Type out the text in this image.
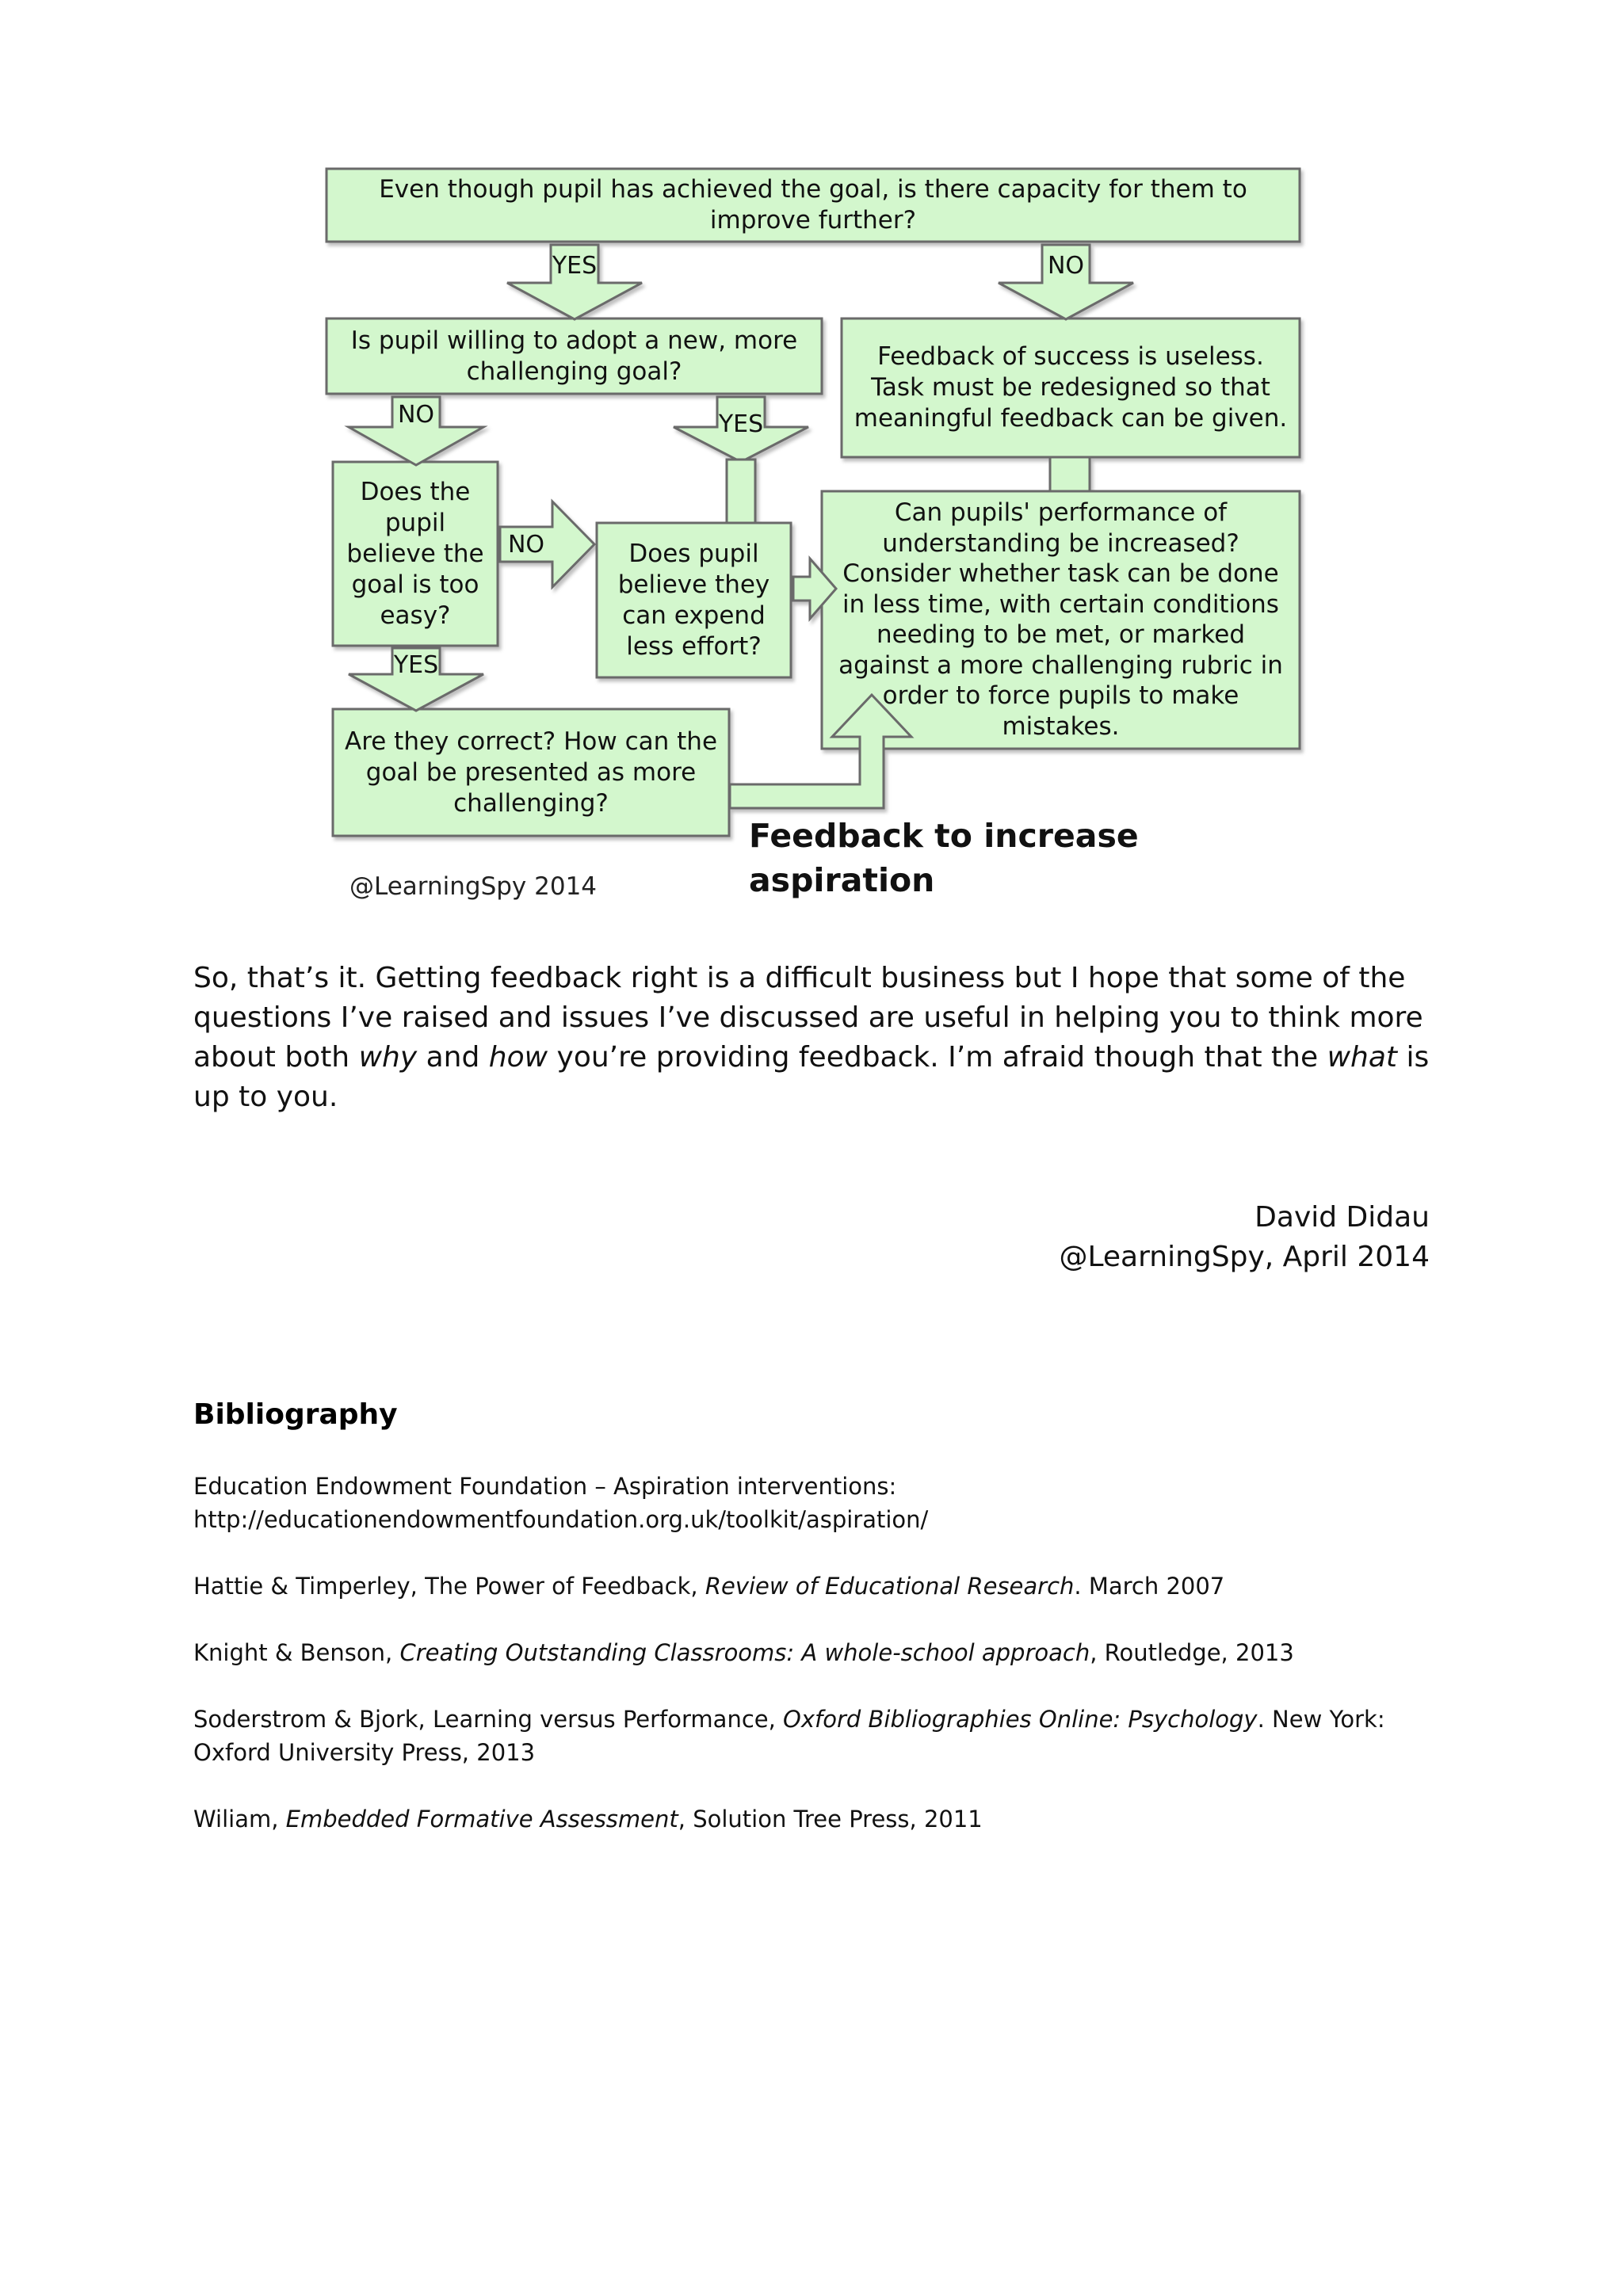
Even though pupil has achieved the goal, is there capacity for them to improve further?
Is pupil willing to adopt a new, more challenging goal?
Feedback of success is useless. Task must be redesigned so that meaningful feedback can be given.
Does the pupil believe the goal is too easy?
Does pupil believe they can expend less effort?
Can pupils' performance of understanding be increased? Consider whether task can be done in less time, with certain conditions needing to be met, or marked against a more challenging rubric in order to force pupils to make mistakes.
Are they correct? How can the goal be presented as more challenging?
YES	NO
NO	YES
NO
YES
Feedback to increase aspiration
@LearningSpy 2014
So, that’s it. Getting feedback right is a difficult business but I hope that some of the questions I’ve raised and issues I’ve discussed are useful in helping you to think more about both why and how you’re providing feedback. I’m afraid though that the what is up to you.
David Didau
@LearningSpy, April 2014
Bibliography
Education Endowment Foundation – Aspiration interventions:
http://educationendowmentfoundation.org.uk/toolkit/aspiration/
Hattie & Timperley, The Power of Feedback, Review of Educational Research. March 2007
Knight & Benson, Creating Outstanding Classrooms: A whole-school approach, Routledge, 2013
Soderstrom & Bjork, Learning versus Performance, Oxford Bibliographies Online: Psychology. New York: Oxford University Press, 2013
Wiliam, Embedded Formative Assessment, Solution Tree Press, 2011
